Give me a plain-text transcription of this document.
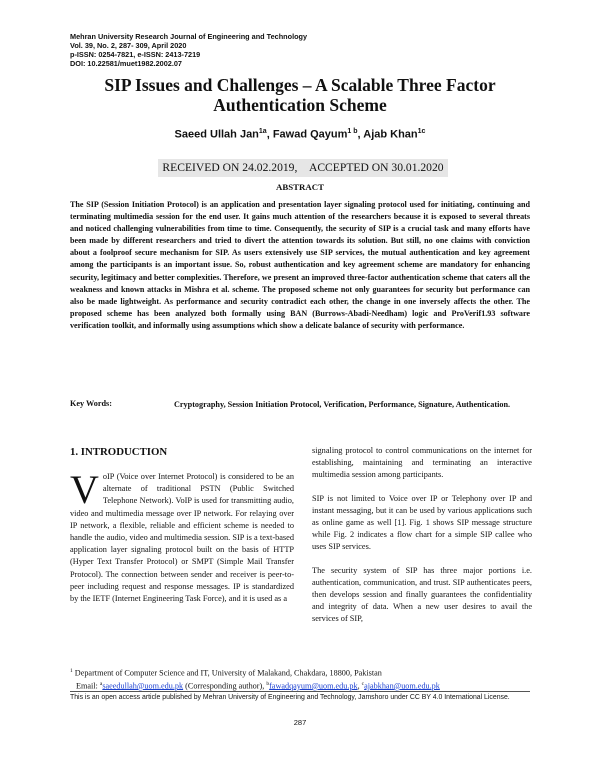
Mehran University Research Journal of Engineering and Technology
Vol. 39, No. 2, 287- 309, April 2020
p-ISSN: 0254-7821, e-ISSN: 2413-7219
DOI: 10.22581/muet1982.2002.07
SIP Issues and Challenges – A Scalable Three Factor Authentication Scheme
Saeed Ullah Jan$^{1a}$, Fawad Qayum$^{1 b}$, Ajab Khan$^{1c}$
RECEIVED ON 24.02.2019, ACCEPTED ON 30.01.2020
ABSTRACT
The SIP (Session Initiation Protocol) is an application and presentation layer signaling protocol used for initiating, continuing and terminating multimedia session for the end user. It gains much attention of the researchers because it is exposed to several threats and noticed challenging vulnerabilities from time to time. Consequently, the security of SIP is a crucial task and many efforts have been made by different researchers and tried to divert the attention towards its solution. But still, no one claims with conviction about a foolproof secure mechanism for SIP. As users extensively use SIP services, the mutual authentication and key agreement among the participants is an important issue. So, robust authentication and key agreement scheme are mandatory for enhancing security, legitimacy and better complexities. Therefore, we present an improved three-factor authentication scheme that caters all the weakness and known attacks in Mishra et al. scheme. The proposed scheme not only guarantees for security but performance can also be made lightweight. As performance and security contradict each other, the change in one inversely affects the other. The proposed scheme has been analyzed both formally using BAN (Burrows-Abadi-Needham) logic and ProVerif1.93 software verification toolkit, and informally using assumptions which show a delicate balance of security with performance.
Key Words:	Cryptography, Session Initiation Protocol, Verification, Performance, Signature, Authentication.
1. INTRODUCTION
VoIP (Voice over Internet Protocol) is considered to be an alternate of traditional PSTN (Public Switched Telephone Network). VoIP is used for transmitting audio, video and multimedia message over IP network. For relaying over IP network, a flexible, reliable and efficient scheme is needed to handle the audio, video and multimedia session. SIP is a text-based application layer signaling protocol built on the basis of HTTP (Hyper Text Transfer Protocol) or SMPT (Simple Mail Transfer Protocol). The connection between sender and receiver is peer-to-peer including request and response messages. IP is standardized by the IETF (Internet Engineering Task Force), and it is used as a

signaling protocol to control communications on the internet for establishing, maintaining and terminating an interactive multimedia session among participants.

SIP is not limited to Voice over IP or Telephony over IP and instant messaging, but it can be used by various applications such as online game as well [1]. Fig. 1 shows SIP message structure while Fig. 2 indicates a flow chart for a simple SIP callee who uses SIP services.

The security system of SIP has three major portions i.e. authentication, communication, and trust. SIP authenticates peers, then develops session and finally guarantees the confidentiality and integrity of data. When a new user desires to avail the services of SIP,

$^1$ Department of Computer Science and IT, University of Malakand, Chakdara, 18800, Pakistan
Email: $^a$saeedullah@uom.edu.pk (Corresponding author), $^b$fawadqayum@uom.edu.pk, $^c$ajabkhan@uom.edu.pk
This is an open access article published by Mehran University of Engineering and Technology, Jamshoro under CC BY 4.0 International License.
287
